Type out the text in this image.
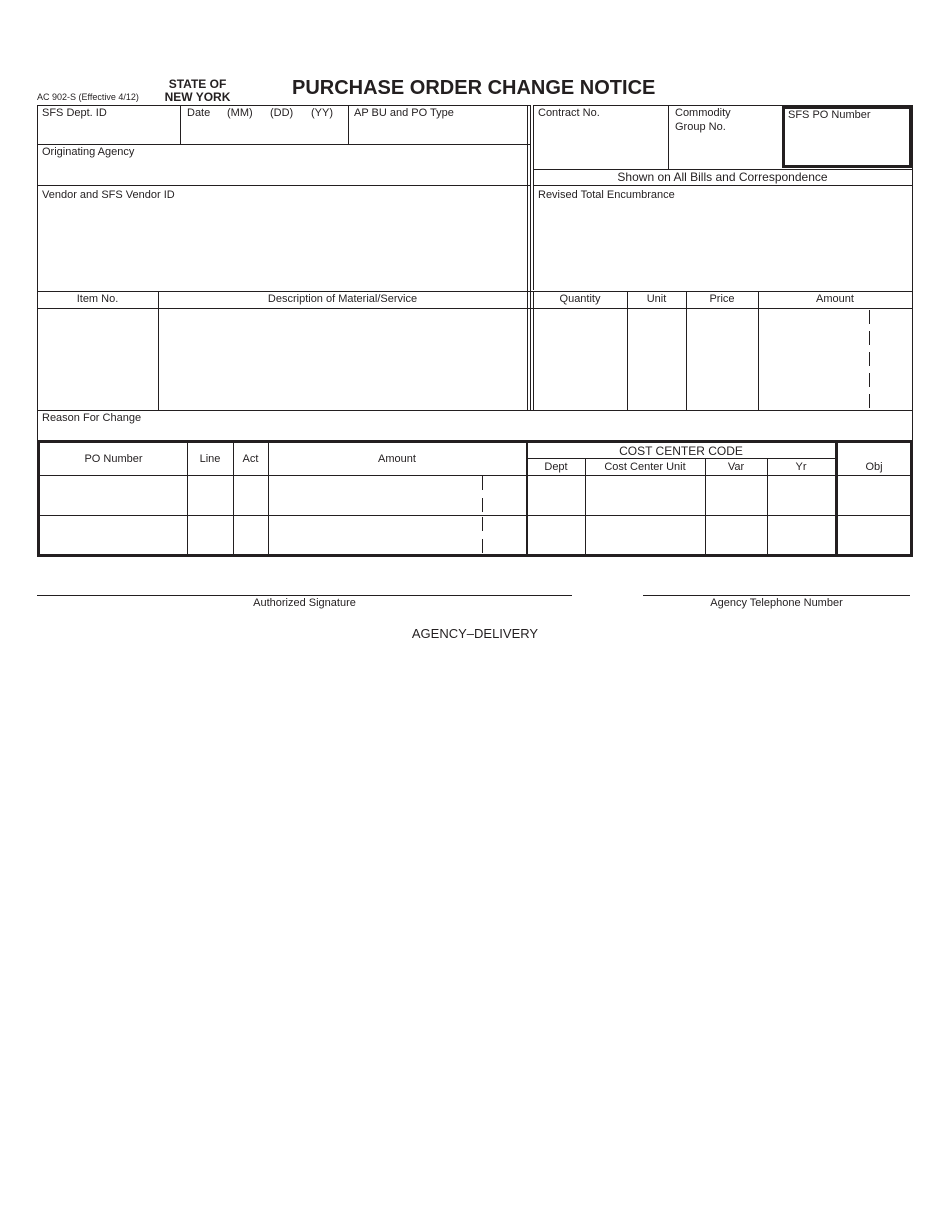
AC 902-S (Effective 4/12)
STATE OF
NEW YORK	PURCHASE ORDER CHANGE NOTICE
SFS Dept. ID	Date (MM) (DD) (YY) AP BU and PO Type
Originating Agency
Vendor and SFS Vendor ID
Contract No.	Commodity
Group No.
SFS PO Number
Shown on All Bills and Correspondence
Revised Total Encumbrance
Item No.	Description of Material/Service	Quantity	Unit	Price	Amount
Reason For Change
PO Number	Line	Act	Amount
COST CENTER CODE
Dept	Cost Center Unit	Var	Yr	Obj
Authorized Signature	Agency Telephone Number
AGENCY–DELIVERY
